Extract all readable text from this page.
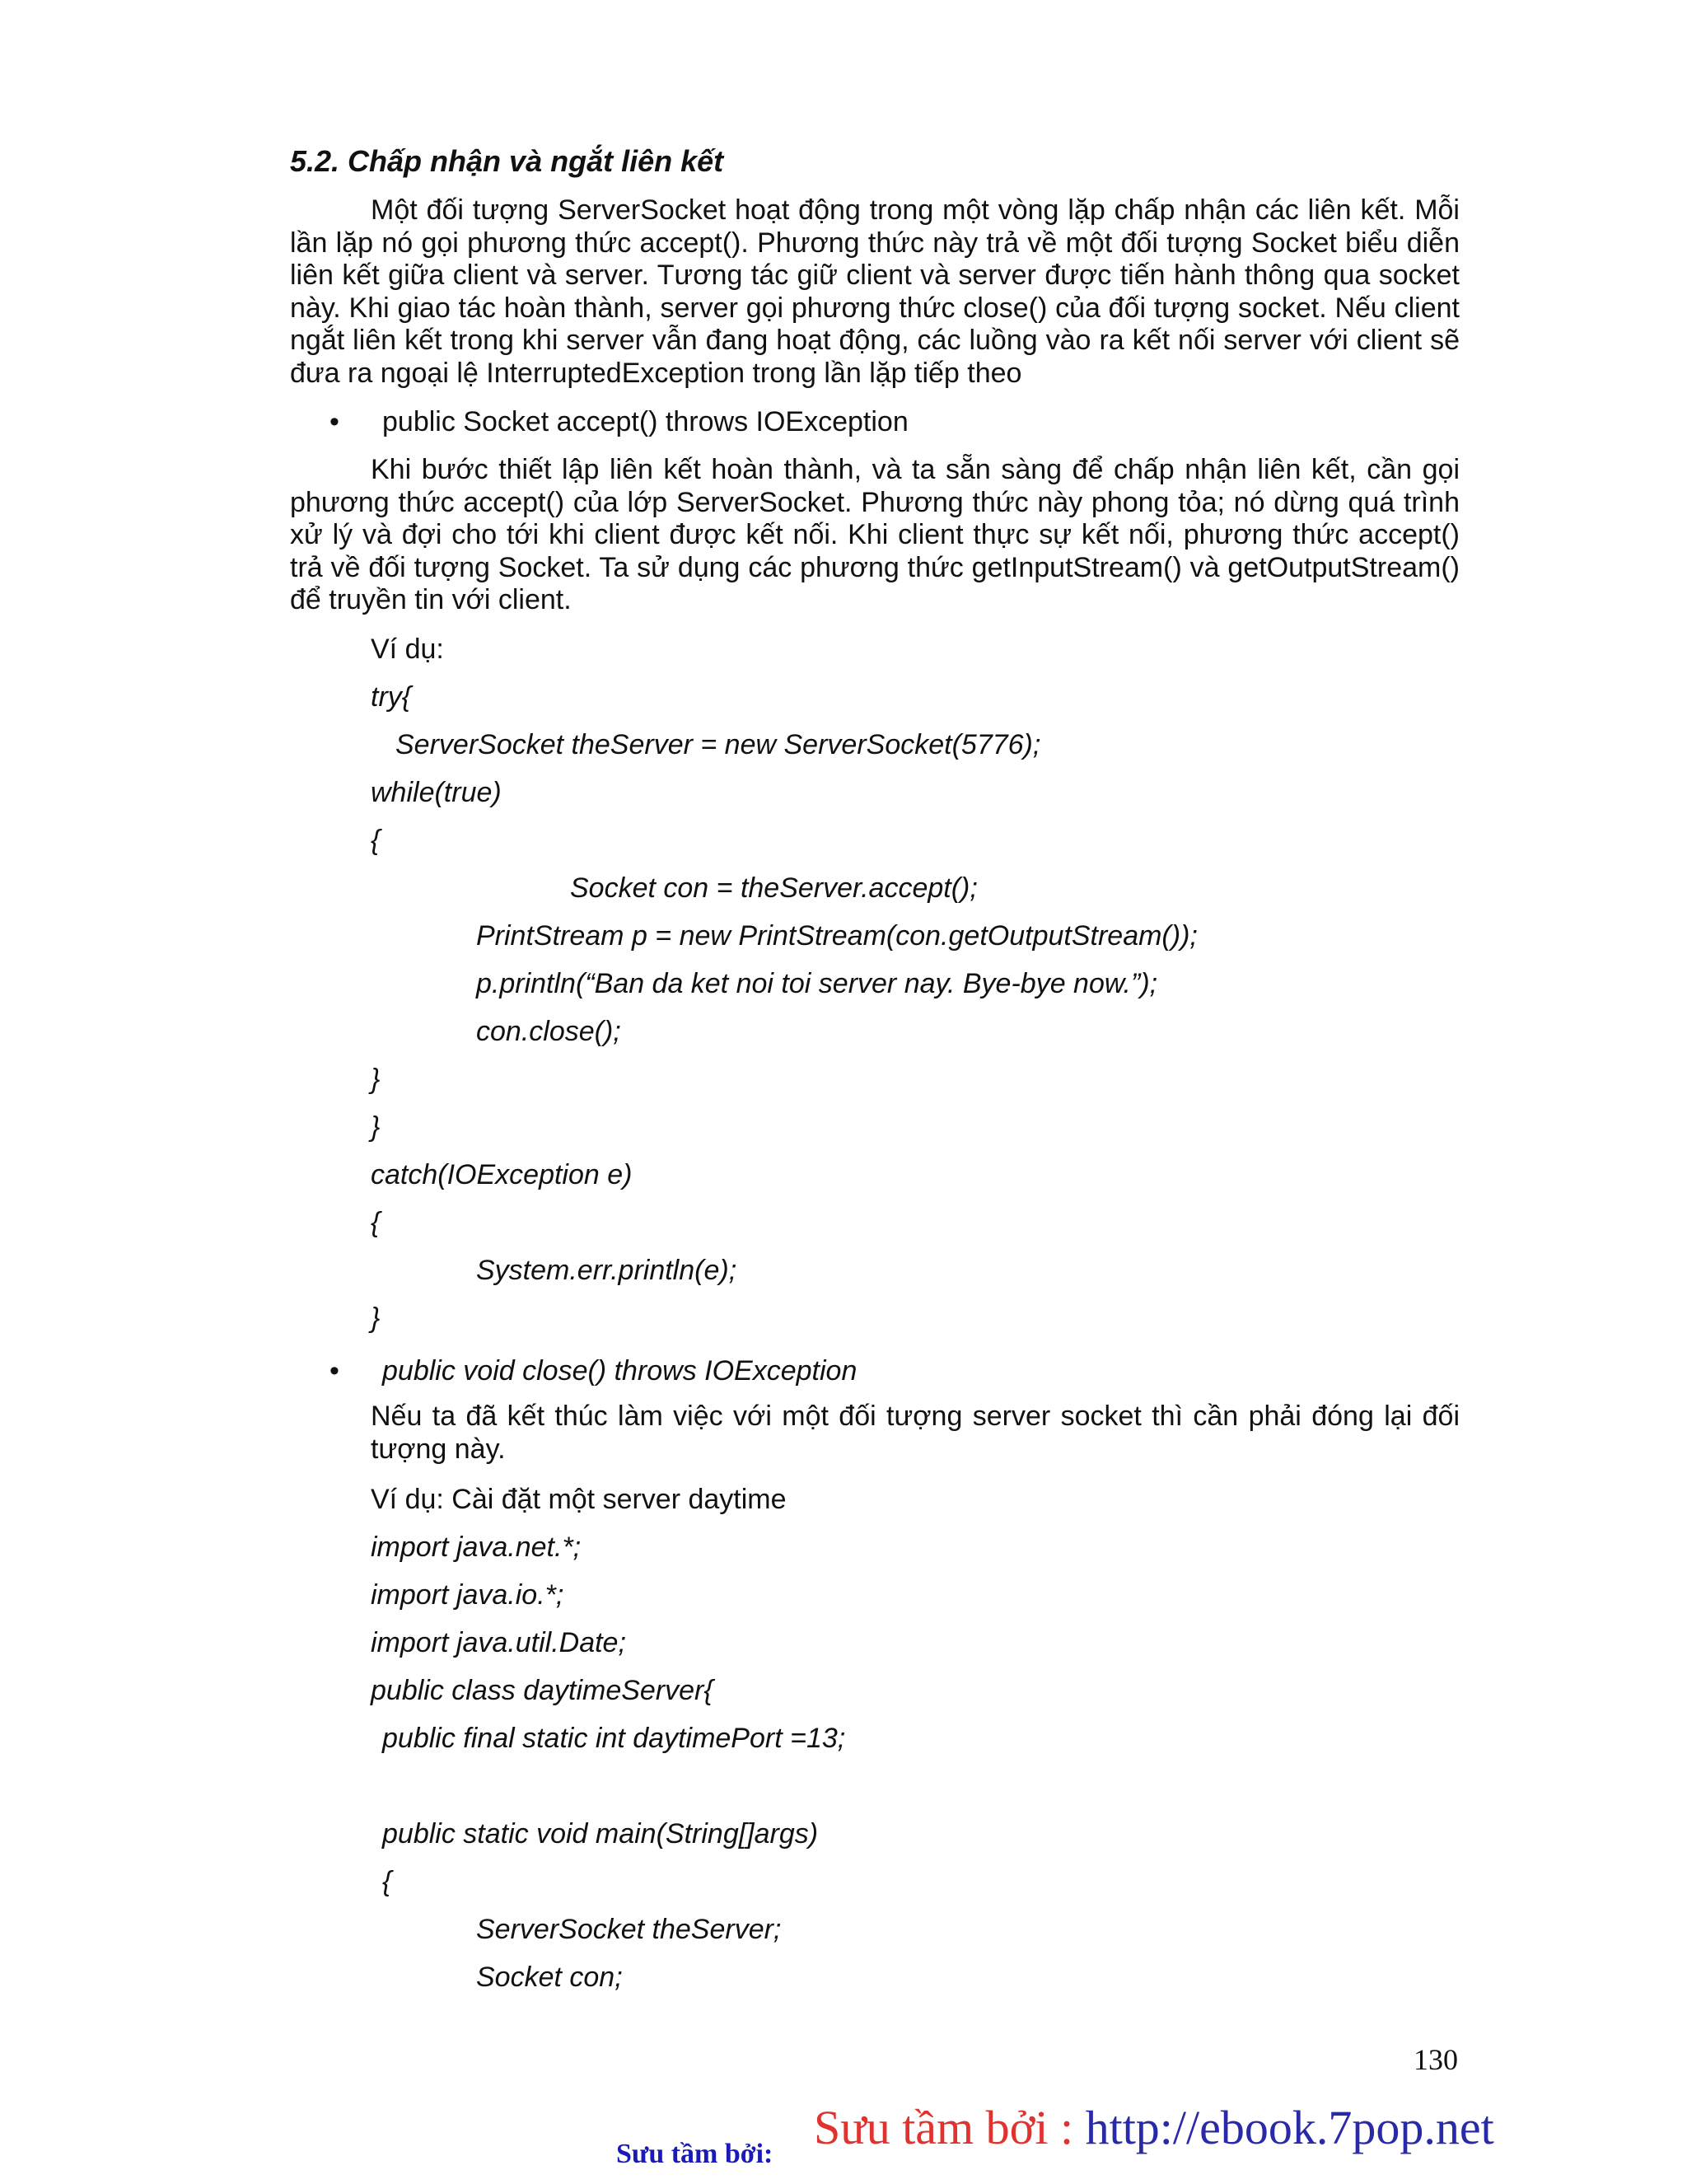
5.2. Chấp nhận và ngắt liên kết
Một đối tượng ServerSocket hoạt động trong một vòng lặp chấp nhận các liên kết. Mỗi lần lặp nó gọi phương thức accept(). Phương thức này trả về một đối tượng Socket biểu diễn liên kết giữa client và server. Tương tác giữ client và server được tiến hành thông qua socket này. Khi giao tác hoàn thành, server gọi phương thức close() của đối tượng socket. Nếu client ngắt liên kết trong khi server vẫn đang hoạt động, các luồng vào ra kết nối server với client sẽ đưa ra ngoại lệ InterruptedException trong lần lặp tiếp theo
• public Socket accept() throws IOException
Khi bước thiết lập liên kết hoàn thành, và ta sẵn sàng để chấp nhận liên kết, cần gọi phương thức accept() của lớp ServerSocket. Phương thức này phong tỏa; nó dừng quá trình xử lý và đợi cho tới khi client được kết nối. Khi client thực sự kết nối, phương thức accept() trả về đối tượng Socket. Ta sử dụng các phương thức getInputStream() và getOutputStream() để truyền tin với client.
Ví dụ:
try{
ServerSocket theServer = new ServerSocket(5776);
while(true)
{
Socket con = theServer.accept();
PrintStream p = new PrintStream(con.getOutputStream());
p.println(“Ban da ket noi toi server nay. Bye-bye now.”);
con.close();
}
}
catch(IOException e)
{
System.err.println(e);
}
• public void close() throws IOException
Nếu ta đã kết thúc làm việc với một đối tượng server socket thì cần phải đóng lại đối tượng này.
Ví dụ: Cài đặt một server daytime
import java.net.*;
import java.io.*;
import java.util.Date;
public class daytimeServer{
public final static int daytimePort =13;
public static void main(String[]args)
{
ServerSocket theServer;
Socket con;
130
Sưu tầm bởi : http://ebook.7pop.net
Sưu tầm bởi:
